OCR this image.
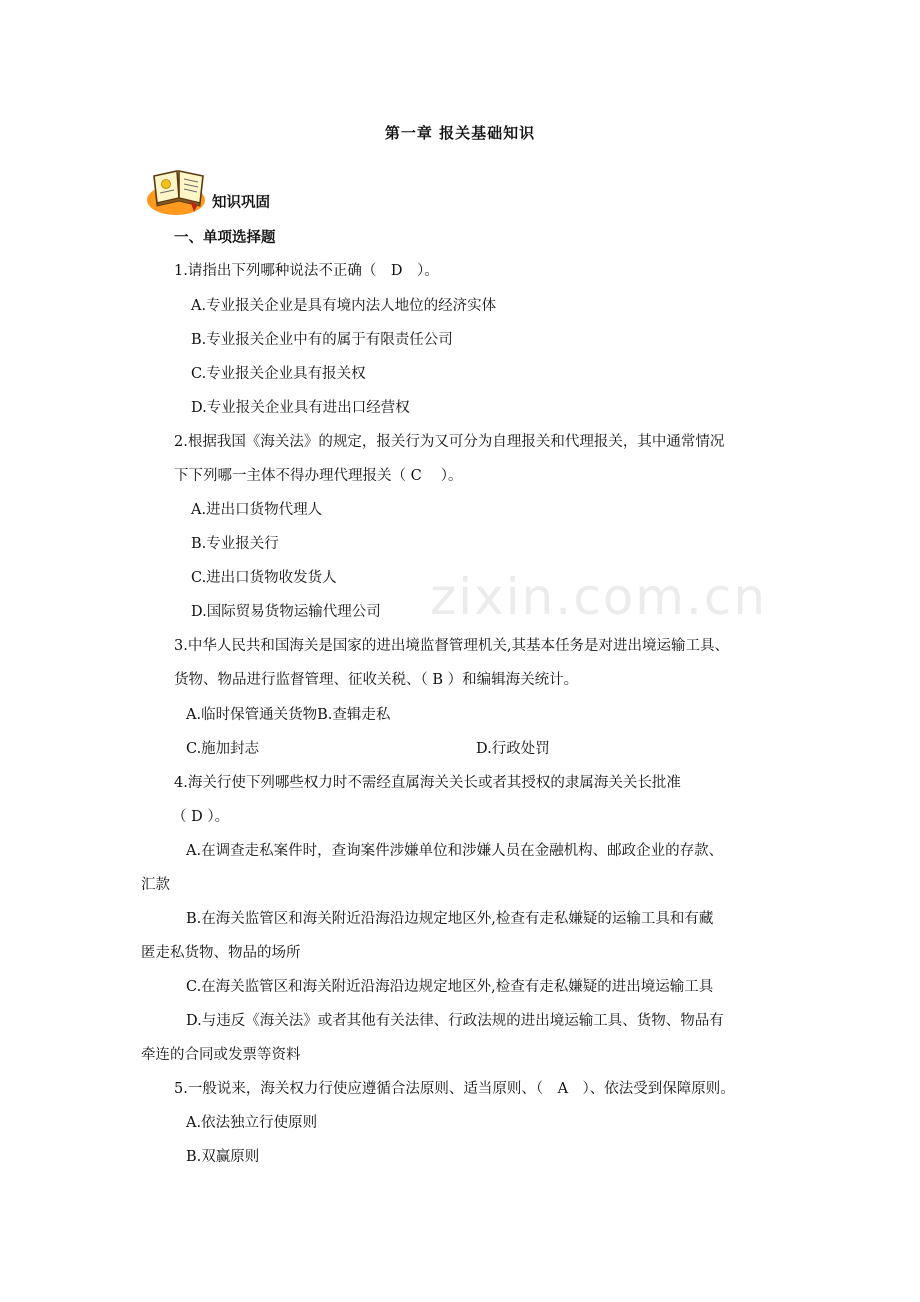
第一章 报关基础知识
知识巩固
一、单项选择题
1.请指出下列哪种说法不正确（　D　）。
A.专业报关企业是具有境内法人地位的经济实体
B.专业报关企业中有的属于有限责任公司
C.专业报关企业具有报关权
D.专业报关企业具有进出口经营权
2.根据我国《海关法》的规定，报关行为又可分为自理报关和代理报关，其中通常情况
下下列哪一主体不得办理代理报关（ C　 ）。
A.进出口货物代理人
B.专业报关行
C.进出口货物收发货人
D.国际贸易货物运输代理公司 zixin.com.cn
3.中华人民共和国海关是国家的进出境监督管理机关,其基本任务是对进出境运输工具、
货物、物品进行监督管理、征收关税、（ B ）和编辑海关统计。
A.临时保管通关货物B.查辑走私
C.施加封志	D.行政处罚
4.海关行使下列哪些权力时不需经直属海关关长或者其授权的隶属海关关长批准
（ D ）。
A.在调查走私案件时，查询案件涉嫌单位和涉嫌人员在金融机构、邮政企业的存款、
汇款
B.在海关监管区和海关附近沿海沿边规定地区外,检查有走私嫌疑的运输工具和有藏
匿走私货物、物品的场所
C.在海关监管区和海关附近沿海沿边规定地区外,检查有走私嫌疑的进出境运输工具
D.与违反《海关法》或者其他有关法律、行政法规的进出境运输工具、货物、物品有
牵连的合同或发票等资料
5.一般说来，海关权力行使应遵循合法原则、适当原则、（　A　）、依法受到保障原则。
A.依法独立行使原则
B.双赢原则
